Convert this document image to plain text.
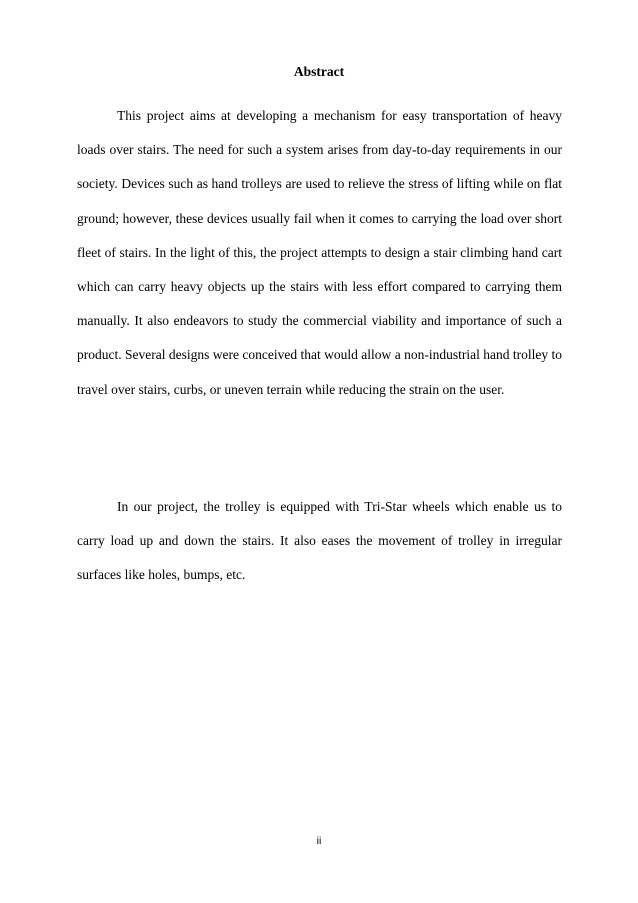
Abstract

This project aims at developing a mechanism for easy transportation of heavy loads over stairs. The need for such a system arises from day-to-day requirements in our society. Devices such as hand trolleys are used to relieve the stress of lifting while on flat ground; however, these devices usually fail when it comes to carrying the load over short fleet of stairs. In the light of this, the project attempts to design a stair climbing hand cart which can carry heavy objects up the stairs with less effort compared to carrying them manually. It also endeavors to study the commercial viability and importance of such a product. Several designs were conceived that would allow a non-industrial hand trolley to travel over stairs, curbs, or uneven terrain while reducing the strain on the user.

In our project, the trolley is equipped with Tri-Star wheels which enable us to carry load up and down the stairs. It also eases the movement of trolley in irregular surfaces like holes, bumps, etc.

ii
